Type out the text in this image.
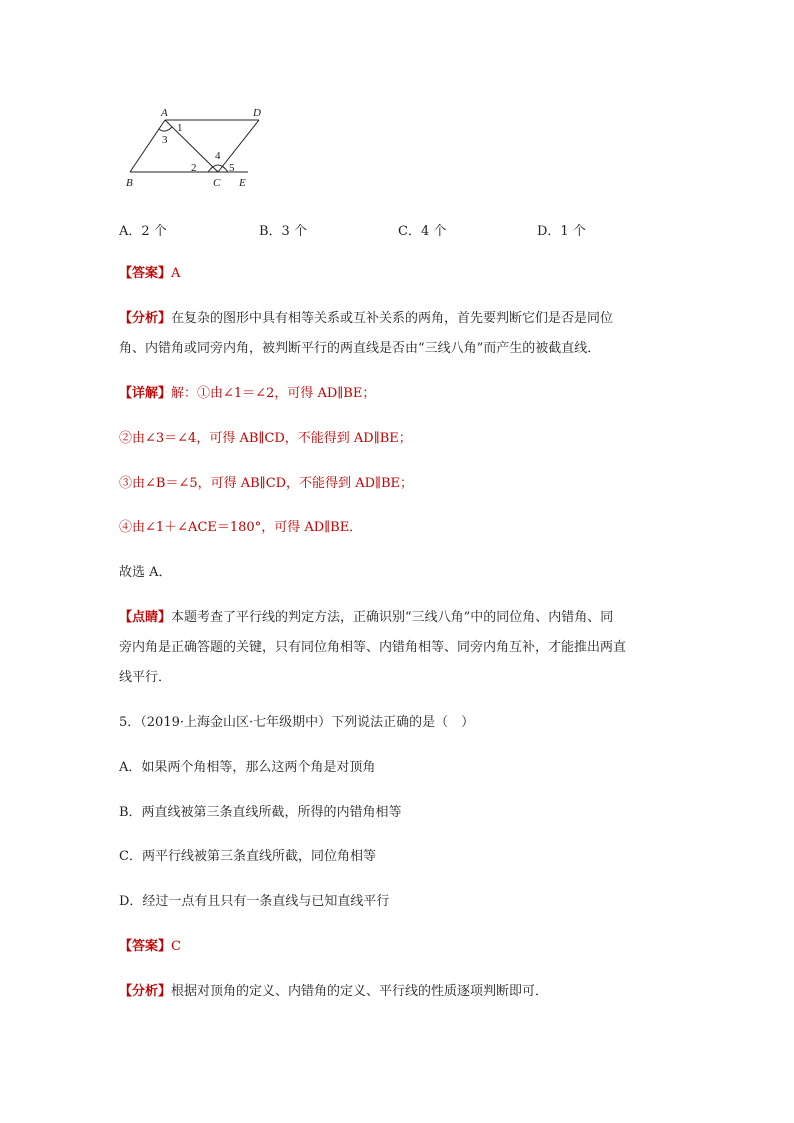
A	D
B	C E
1
2
3
4
5
A．2 个	B．3 个	C．4 个	D．1 个
【答案】A
【分析】在复杂的图形中具有相等关系或互补关系的两角，首先要判断它们是否是同位
角、内错角或同旁内角，被判断平行的两直线是否由“三线八角”而产生的被截直线．
【详解】解：①由∠1＝∠2，可得 AD∥BE；
②由∠3＝∠4，可得 AB∥CD，不能得到 AD∥BE；
③由∠B＝∠5，可得 AB∥CD，不能得到 AD∥BE；
④由∠1＋∠ACE＝180°，可得 AD∥BE．
故选 A．
【点睛】本题考查了平行线的判定方法，正确识别“三线八角”中的同位角、内错角、同
旁内角是正确答题的关键，只有同位角相等、内错角相等、同旁内角互补，才能推出两直
线平行．
5．（2019·上海金山区·七年级期中）下列说法正确的是（　）
A．如果两个角相等，那么这两个角是对顶角
B．两直线被第三条直线所截，所得的内错角相等
C．两平行线被第三条直线所截，同位角相等
D．经过一点有且只有一条直线与已知直线平行
【答案】C
【分析】根据对顶角的定义、内错角的定义、平行线的性质逐项判断即可．
